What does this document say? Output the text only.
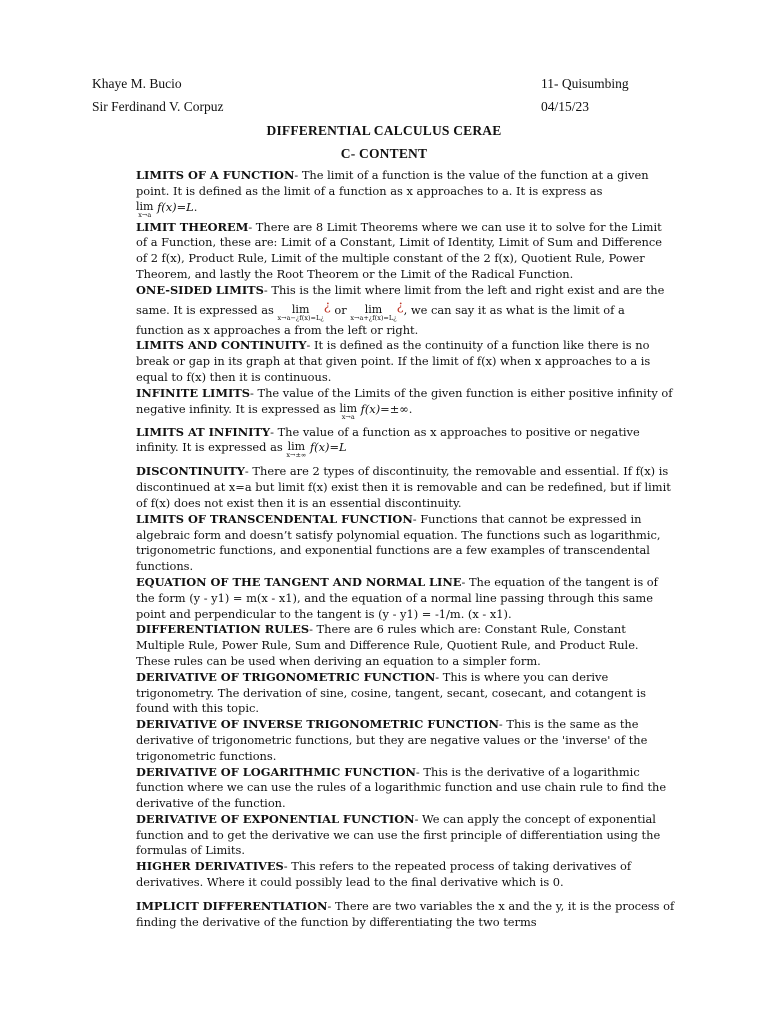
Khaye M. Bucio	11- Quisumbing
Sir Ferdinand V. Corpuz	04/15/23
DIFFERENTIAL CALCULUS CERAE
C- CONTENT

LIMITS OF A FUNCTION- The limit of a function is the value of the function at a given point. It is defined as the limit of a function as x approaches to a. It is express as

lim
x→a
f(x)=L.

LIMIT THEOREM- There are 8 Limit Theorems where we can use it to solve for the Limit of a Function, these are: Limit of a Constant, Limit of Identity, Limit of Sum and Difference of 2 f(x), Product Rule, Limit of the multiple constant of the 2 f(x), Quotient Rule, Power Theorem, and lastly the Root Theorem or the Limit of the Radical Function.

ONE-SIDED LIMITS- This is the limit where limit from the left and right exist and are the same. It is expressed as	lim
x→a−¿f(x)=L¿
¿ or	lim
x→a+¿f(x)=L¿
¿, we can say it as what is the limit of a function as x approaches a from the left or right.

LIMITS AND CONTINUITY- It is defined as the continuity of a function like there is no break or gap in its graph at that given point. If the limit of f(x) when x approaches to a is equal to f(x) then it is continuous.

INFINITE LIMITS- The value of the Limits of the given function is either positive infinity of negative infinity. It is expressed as lim
x→a
f(x)=±∞.

LIMITS AT INFINITY- The value of a function as x approaches to positive or negative infinity. It is expressed as lim
x→±∞
f(x)=L

DISCONTINUITY- There are 2 types of discontinuity, the removable and essential. If f(x) is discontinued at x=a but limit f(x) exist then it is removable and can be redefined, but if limit of f(x) does not exist then it is an essential discontinuity.

LIMITS OF TRANSCENDENTAL FUNCTION- Functions that cannot be expressed in algebraic form and doesn’t satisfy polynomial equation. The functions such as logarithmic, trigonometric functions, and exponential functions are a few examples of transcendental functions.

EQUATION OF THE TANGENT AND NORMAL LINE- The equation of the tangent is of the form (y - y1) = m(x - x1), and the equation of a normal line passing through this same point and perpendicular to the tangent is (y - y1) = -1/m. (x - x1).

DIFFERENTIATION RULES- There are 6 rules which are: Constant Rule, Constant Multiple Rule, Power Rule, Sum and Difference Rule, Quotient Rule, and Product Rule. These rules can be used when deriving an equation to a simpler form.

DERIVATIVE OF TRIGONOMETRIC FUNCTION- This is where you can derive trigonometry. The derivation of sine, cosine, tangent, secant, cosecant, and cotangent is found with this topic.

DERIVATIVE OF INVERSE TRIGONOMETRIC FUNCTION- This is the same as the derivative of trigonometric functions, but they are negative values or the 'inverse' of the trigonometric functions.

DERIVATIVE OF LOGARITHMIC FUNCTION- This is the derivative of a logarithmic function where we can use the rules of a logarithmic function and use chain rule to find the derivative of the function.

DERIVATIVE OF EXPONENTIAL FUNCTION- We can apply the concept of exponential function and to get the derivative we can use the first principle of differentiation using the formulas of Limits.

HIGHER DERIVATIVES- This refers to the repeated process of taking derivatives of derivatives. Where it could possibly lead to the final derivative which is 0.

IMPLICIT DIFFERENTIATION- There are two variables the x and the y, it is the process of finding the derivative of the function by differentiating the two terms
